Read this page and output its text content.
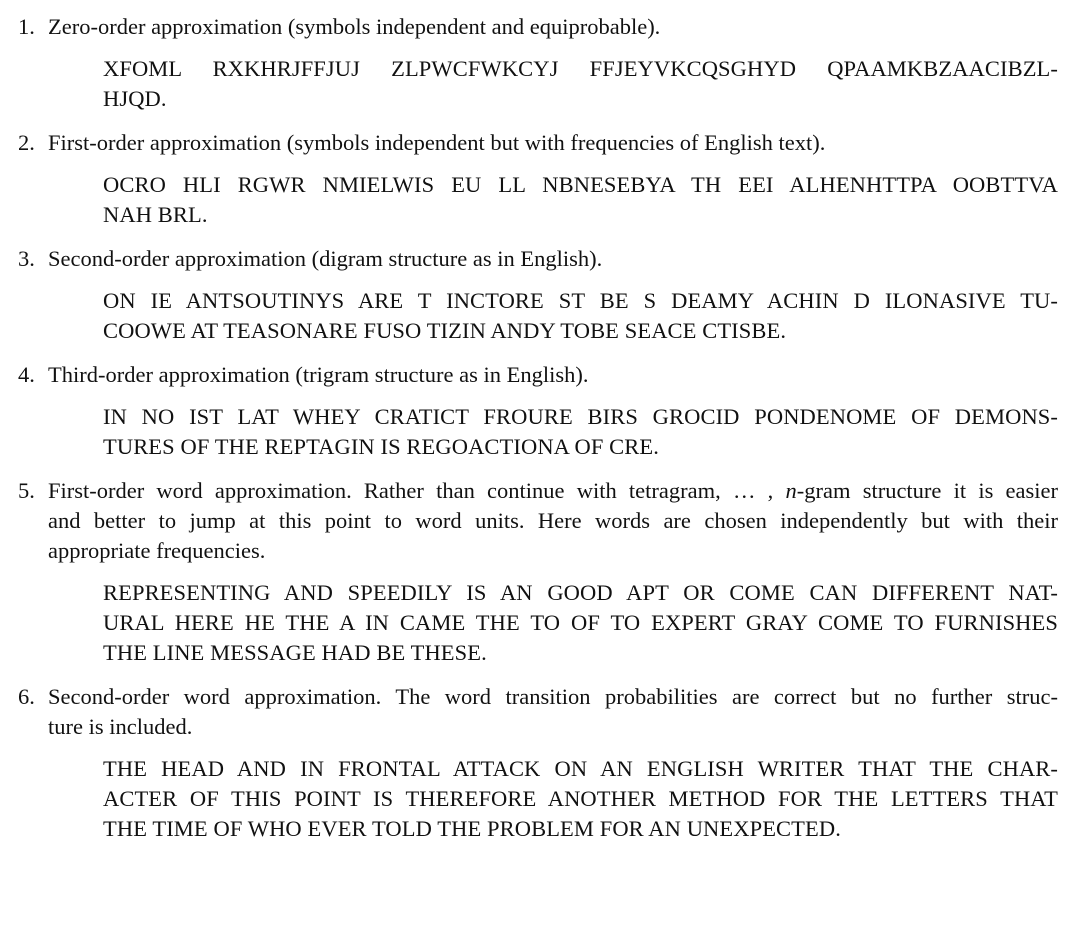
1. Zero-order approximation (symbols independent and equiprobable).
XFOML RXKHRJFFJUJ ZLPWCFWKCYJ FFJEYVKCQSGHYD QPAAMKBZAACIBZL-
HJQD.
2. First-order approximation (symbols independent but with frequencies of English text).
OCRO HLI RGWR NMIELWIS EU LL NBNESEBYA TH EEI ALHENHTTPA OOBTTVA
NAH BRL.
3. Second-order approximation (digram structure as in English).
ON IE ANTSOUTINYS ARE T INCTORE ST BE S DEAMY ACHIN D ILONASIVE TU-
COOWE AT TEASONARE FUSO TIZIN ANDY TOBE SEACE CTISBE.
4. Third-order approximation (trigram structure as in English).
IN NO IST LAT WHEY CRATICT FROURE BIRS GROCID PONDENOME OF DEMONS-
TURES OF THE REPTAGIN IS REGOACTIONA OF CRE.
5. First-order word approximation. Rather than continue with tetragram, … , n-gram structure it is easier
and better to jump at this point to word units. Here words are chosen independently but with their
appropriate frequencies.
REPRESENTING AND SPEEDILY IS AN GOOD APT OR COME CAN DIFFERENT NAT-
URAL HERE HE THE A IN CAME THE TO OF TO EXPERT GRAY COME TO FURNISHES
THE LINE MESSAGE HAD BE THESE.
6. Second-order word approximation. The word transition probabilities are correct but no further struc-
ture is included.
THE HEAD AND IN FRONTAL ATTACK ON AN ENGLISH WRITER THAT THE CHAR-
ACTER OF THIS POINT IS THEREFORE ANOTHER METHOD FOR THE LETTERS THAT
THE TIME OF WHO EVER TOLD THE PROBLEM FOR AN UNEXPECTED.
